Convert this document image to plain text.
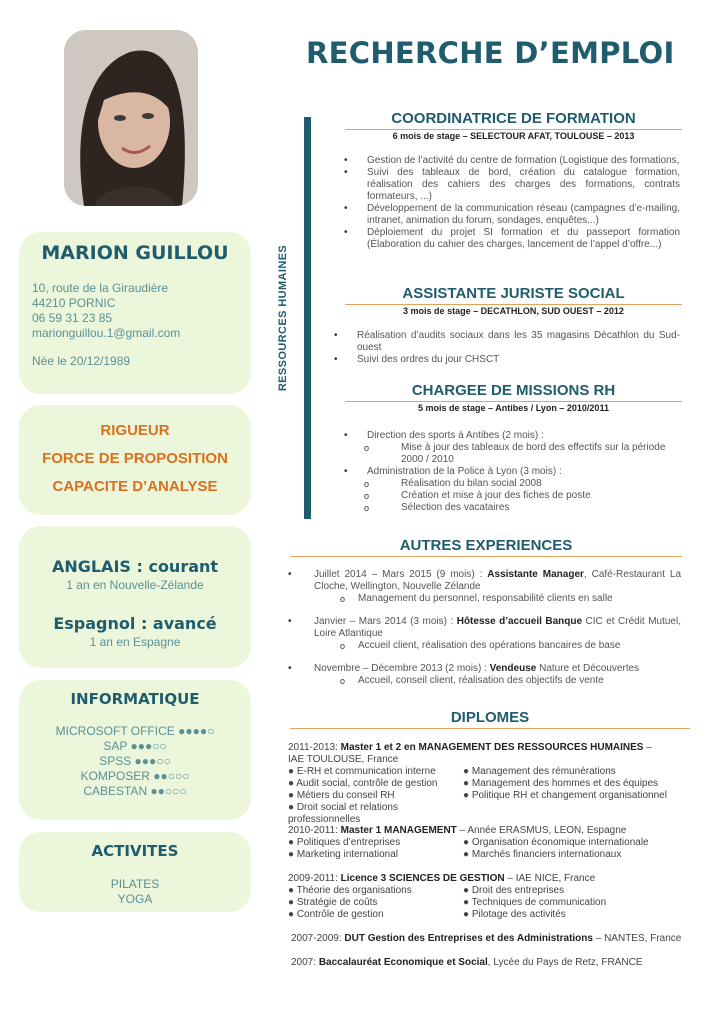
MARION GUILLOU
10, route de la Giraudière
44210 PORNIC
06 59 31 23 85
marionguillou.1@gmail.com
Née le 20/12/1989
RIGUEUR
FORCE DE PROPOSITION
CAPACITE D’ANALYSE
ANGLAIS : courant
1 an en Nouvelle-Zélande
Espagnol : avancé
1 an en Espagne
INFORMATIQUE
MICROSOFT OFFICE ●●●●○
SAP ●●●○○
SPSS ●●●○○
KOMPOSER ●●○○○
CABESTAN ●●○○○
ACTIVITES
PILATES
YOGA
RECHERCHE D’EMPLOI
RESSOURCES HUMAINES
COORDINATRICE DE FORMATION
6 mois de stage – SELECTOUR AFAT, TOULOUSE – 2013
• Gestion de l’activité du centre de formation (Logistique des formations,
• Suivi des tableaux de bord, création du catalogue formation, réalisation des cahiers des charges des formations, contrats formateurs, ...)
• Développement de la communication réseau (campagnes d’e-mailing, intranet, animation du forum, sondages, enquêtes...)
• Déploiement du projet SI formation et du passeport formation (Élaboration du cahier des charges, lancement de l’appel d’offre...)
ASSISTANTE JURISTE SOCIAL
3 mois de stage – DECATHLON, SUD OUEST – 2012
• Réalisation d’audits sociaux dans les 35 magasins Décathlon du Sud-ouest
• Suivi des ordres du jour CHSCT
CHARGEE DE MISSIONS RH
5 mois de stage – Antibes / Lyon – 2010/2011
• Direction des sports à Antibes (2 mois) :
o Mise à jour des tableaux de bord des effectifs sur la période 2000 / 2010
• Administration de la Police à Lyon (3 mois) :
o Réalisation du bilan social 2008
o Création et mise à jour des fiches de poste
o Sélection des vacataires
AUTRES EXPERIENCES

• Juillet 2014 – Mars 2015 (9 mois) : Assistante Manager, Café-Restaurant La Cloche, Wellington, Nouvelle Zélande

o Management du personnel, responsabilité clients en salle

• Janvier – Mars 2014 (3 mois) : Hôtesse d’accueil Banque CIC et Crédit Mutuel, Loire Atlantique

o Accueil client, réalisation des opérations bancaires de base

• Novembre – Décembre 2013 (2 mois) : Vendeuse Nature et Découvertes

o Accueil, conseil client, réalisation des objectifs de vente

DIPLOMES
2011-2013: Master 1 et 2 en MANAGEMENT DES RESSOURCES HUMAINES –
IAE TOULOUSE, France
● E-RH et communication interne	● Management des rémunérations
● Audit social, contrôle de gestion	● Management des hommes et des équipes
● Métiers du conseil RH	● Politique RH et changement organisationnel
● Droit social et relations professionnelles
2010-2011: Master 1 MANAGEMENT – Année ERASMUS, LEON, Espagne
● Politiques d’entreprises	● Organisation économique internationale
● Marketing international	● Marchés financiers internationaux
2009-2011: Licence 3 SCIENCES DE GESTION – IAE NICE, France
● Théorie des organisations	● Droit des entreprises
● Stratégie de coûts	● Techniques de communication
● Contrôle de gestion	● Pilotage des activités
2007-2009: DUT Gestion des Entreprises et des Administrations – NANTES, France
2007: Baccalauréat Economique et Social, Lycée du Pays de Retz, FRANCE
